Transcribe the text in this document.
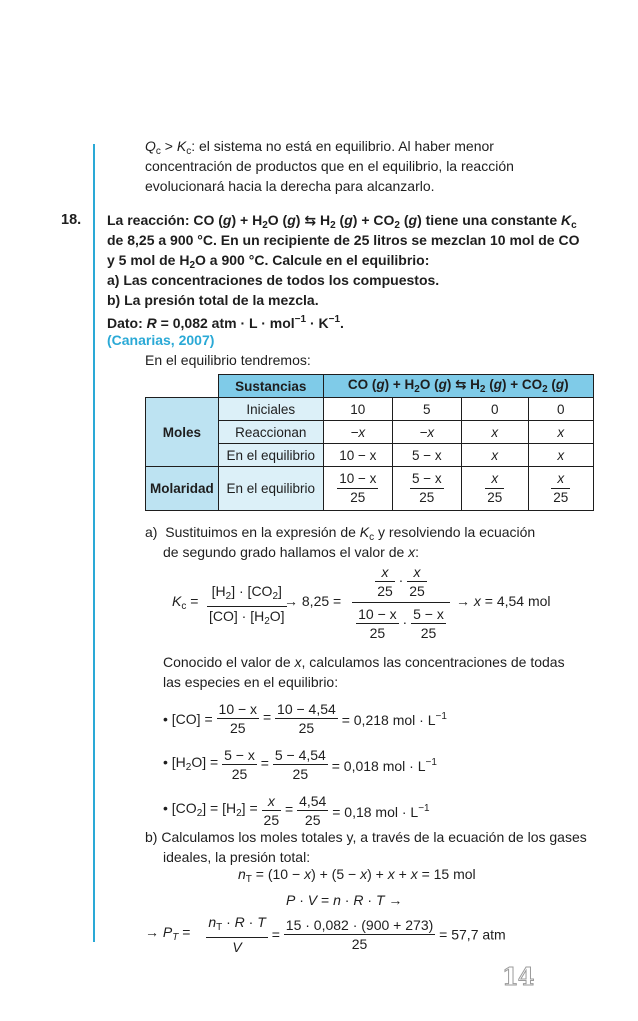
$Q_c > K_c$: el sistema no está en equilibrio. Al haber menor
concentración de productos que en el equilibrio, la reacción
evolucionará hacia la derecha para alcanzarlo.
18. La reacción: CO $(g) + H_2O$ (g) ⇆ $H_2$ $(g) + CO_2$ (g) tiene una constante $K_c$
de 8,25 a 900 °C. En un recipiente de 25 litros se mezclan 10 mol de CO
y 5 mol de $H_2O$ a 900 °C. Calcule en el equilibrio:
a) Las concentraciones de todos los compuestos.
b) La presión total de la mezcla.
Dato: R = 0,082 atm · $L \cdot mol^{-1} \cdot K^{-1}$.
(Canarias, 2007)
En el equilibrio tendremos:
	Sustancias	CO $(g) + H_2O$ (g) ⇆ $H_2$ $(g) + CO_2$ (g)			
Moles	Iniciales	10	5	0	0
	Reaccionan	−x	−x	x	x
	En el equilibrio	10 − x	5 − x	x	x
Molaridad	En el equilibrio	$\frac{10 - x}{25}$	$\frac{5 - x}{25}$	$\frac{x}{25}$	$\frac{x}{25}$
a)  Sustituimos en la expresión de $K_c$ y resolviendo la ecuación
de segundo grado hallamos el valor de x:
$K_c = \frac{[H_2] \cdot [CO_2]}{[CO] \cdot [H_2O]}$
→ 8,25 =
$\frac{x}{25} \cdot \frac{x}{25}$
$\frac{10 - x}{25} \cdot \frac{5 - x}{25}$
→ x = 4,54 mol
Conocido el valor de x, calculamos las concentraciones de todas
las especies en el equilibrio:
• $[CO] = \frac{10 - x}{25} = \frac{10 - 4,54}{25} = 0,218$ mol · $L^{-1}$
• $[H_2O] = \frac{5 - x}{25} = \frac{5 - 4,54}{25} = 0,018$ mol · $L^{-1}$
• $[CO_2] = [H_2] = \frac{x}{25} = \frac{4,54}{25} = 0,18$ mol · $L^{-1}$
b) Calculamos los moles totales y, a través de la ecuación de los gases
ideales, la presión total:
$n_T = (10 - x) + (5 - x) + x + x = 15$ mol
P · V = n · R · T →
→ $P_T = \frac{n_T \cdot R \cdot T}{V} = \frac{15 \cdot 0,082 \cdot (900 + 273)}{25} = 57,7$ atm
14
